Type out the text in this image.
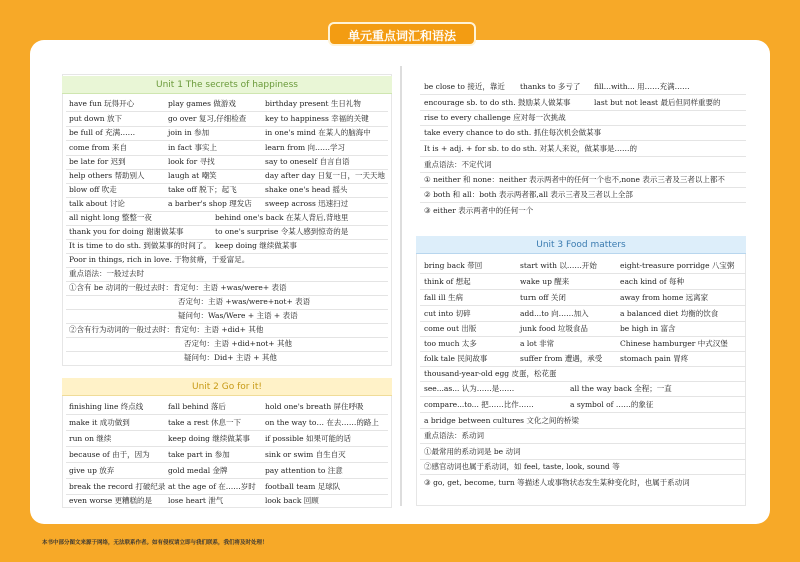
单元重点词汇和语法
Unit 1 The secrets of happiness
have fun 玩得开心	play games 做游戏	birthday present 生日礼物
put down 放下	go over 复习,仔细检查	key to happiness 幸福的关键
be full of 充满……	join in 参加	in one's mind 在某人的脑海中
come from 来自	in fact 事实上	learn from 向……学习
be late for 迟到	look for 寻找	say to oneself 自言自语
help others 帮助别人	laugh at 嘲笑	day after day 日复一日，一天天地
blow off 吹走	take off 脱下；起飞	shake one's head 摇头
talk about 讨论	a barber's shop 理发店 sweep across 迅速扫过
all night long 整整一夜	behind one's back 在某人背后,背地里
thank you for doing 谢谢做某事	to one's surprise 令某人感到惊奇的是
It is time to do sth. 到做某事的时间了。 keep doing 继续做某事
Poor in things, rich in love. 于物贫瘠，于爱富足。
重点语法：一般过去时
①含有 be 动词的一般过去时：肯定句：主语 +was/were+ 表语
否定句：主语 +was/were+not+ 表语
疑问句：Was/Were + 主语 + 表语
②含有行为动词的一般过去时：肯定句：主语 +did+ 其他
否定句：主语 +did+not+ 其他
疑问句：Did+ 主语 + 其他
Unit 2 Go for it!
finishing line 终点线	fall behind 落后	hold one's breath 屏住呼吸
make it 成功做到	take a rest 休息一下	on the way to… 在去……的路上
run on 继续	keep doing 继续做某事 if possible 如果可能的话
because of 由于，因为 take part in 参加	sink or swim 自生自灭
give up 放弃	gold medal 金牌	pay attention to 注意
break the record 打破纪录 at the age of 在……岁时 football team 足球队
even worse 更糟糕的是 lose heart 泄气	look back 回顾
be close to 接近，靠近 thanks to 多亏了 fill...with... 用……充满……
encourage sb. to do sth. 鼓励某人做某事	last but not least 最后但同样重要的
rise to every challenge 应对每一次挑战
take every chance to do sth. 抓住每次机会做某事
It is + adj. + for sb. to do sth. 对某人来说，做某事是……的
重点语法：不定代词
① neither 和 none：neither 表示两者中的任何一个也不,none 表示三者及三者以上都不
② both 和 all：both 表示两者都,all 表示三者及三者以上全部
③ either 表示两者中的任何一个
Unit 3 Food matters
bring back 带回	start with 以……开始	eight-treasure porridge 八宝粥
think of 想起	wake up 醒来	each kind of 每种
fall ill 生病	turn off 关闭	away from home 远离家
cut into 切碎	add...to 向……加入	a balanced diet 均衡的饮食
come out 出版	junk food 垃圾食品	be high in 富含
too much 太多	a lot 非常	Chinese hamburger 中式汉堡
folk tale 民间故事	suffer from 遭遇，承受 stomach pain 胃疼
thousand-year-old egg 皮蛋，松花蛋
see...as... 认为……是……	all the way back 全程；一直
compare...to... 把……比作……	a symbol of ……的象征
a bridge between cultures 文化之间的桥梁
重点语法：系动词
①最常用的系动词是 be 动词
②感官动词也属于系动词，如 feel, taste, look, sound 等
③ go, get, become, turn 等描述人或事物状态发生某种变化时，也属于系动词
本书中部分图文来源于网络，无法联系作者。如有侵权请立即与我们联系，我们将及时处理！
